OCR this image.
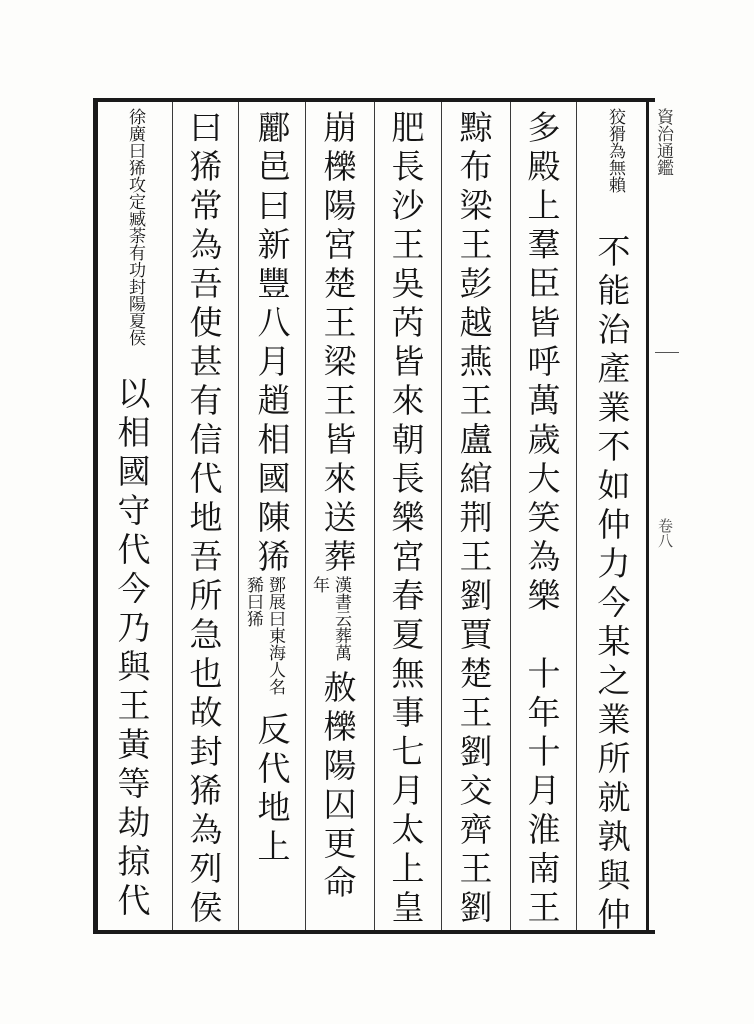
資治通鑑
卷八
狡猾為無賴
不
能
治
產
業
不
如
仲
力
今
某
之
業
所
就
孰
與
仲
多
殿
上
羣
臣
皆
呼
萬
歲
大
笑
為
樂

十
年
十
月
淮
南
王
黥
布
梁
王
彭
越
燕
王
盧
綰
荆
王
劉
賈
楚
王
劉
交
齊
王
劉
肥
長
沙
王
吳
芮
皆
來
朝
長
樂
宮
春
夏
無
事
七
月
太
上
皇
崩
櫟
陽
宮
楚
王
梁
王
皆
來
送
葬
漢書云葬萬年
赦
櫟
陽
囚
更
命
酈
邑
曰
新
豐
八
月
趙
相
國
陳
狶
鄧展曰東海人名豨曰狶
反
代
地
上
曰
狶
常
為
吾
使
甚
有
信
代
地
吾
所
急
也
故
封
狶
為
列
侯
徐廣曰狶攻定臧荼有功封陽夏侯
以
相
國
守
代
今
乃
與
王
黃
等
劫
掠
代
